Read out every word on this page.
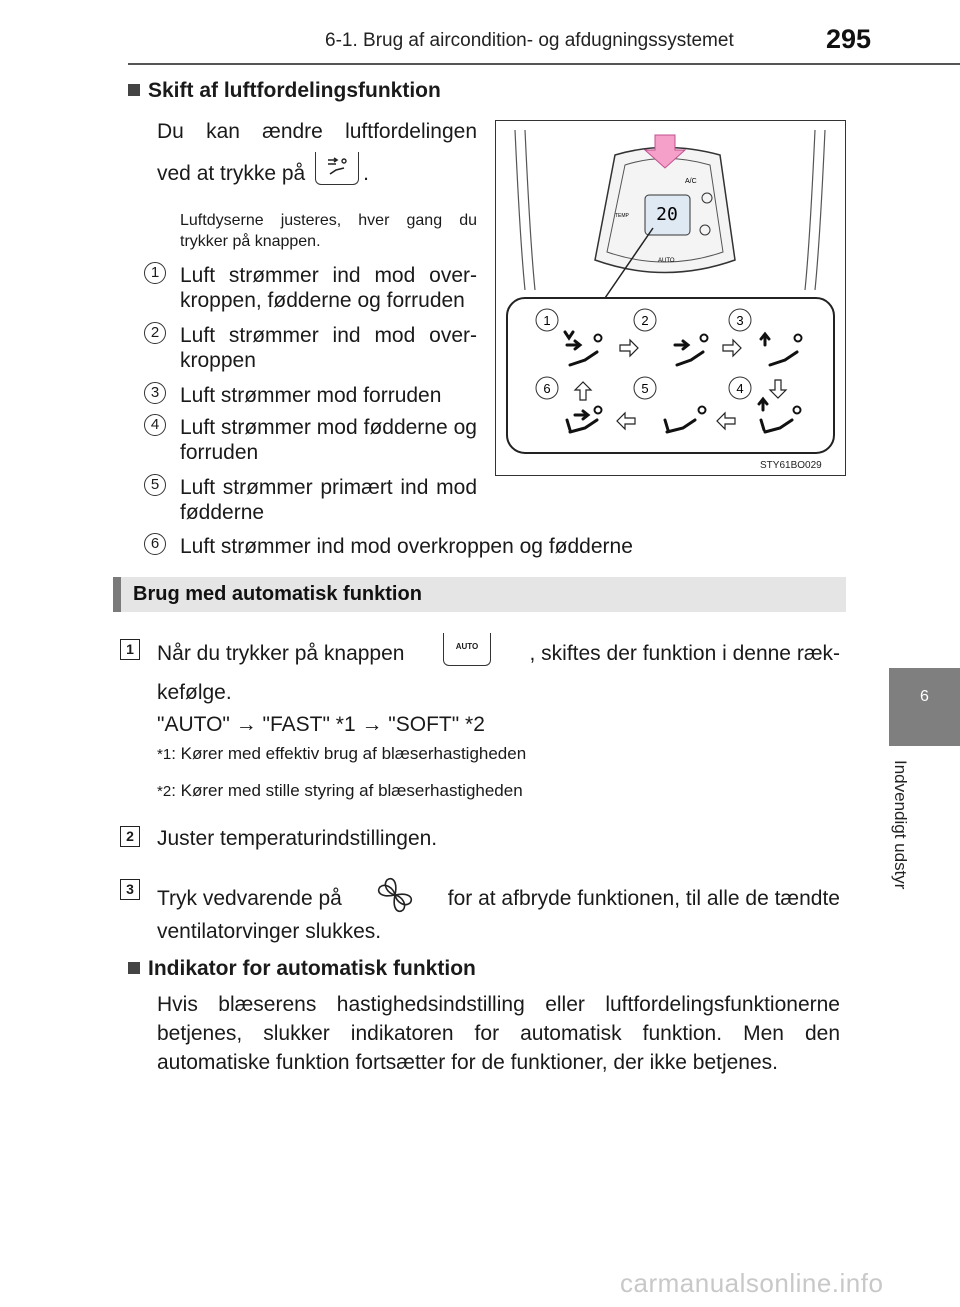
6-1. Brug af aircondition- og afdugningssystemet	295
6
Indvendigt udstyr
Skift af luftfordelingsfunktion
Du kan ændre luftfordelingen
ved at trykke på	.
Luftdyserne justeres, hver gang du trykker på knappen.
1 Luft strømmer ind mod over-kroppen, fødderne og forruden
2 Luft strømmer ind mod over-kroppen
3 Luft strømmer mod forruden
4 Luft strømmer mod fødderne og forruden
5 Luft strømmer primært ind mod fødderne
6 Luft strømmer ind mod overkroppen og fødderne
20
A/C
TEMP
AUTO
1	2	3
6	5	4
STY61BO029
Brug med automatisk funktion
1 Når du trykker på knappen	AUTO	, skiftes der funktion i denne ræk-
kefølge.
"AUTO" → "FAST" *1 → "SOFT" *2
*1: Kører med effektiv brug af blæserhastigheden
*2: Kører med stille styring af blæserhastigheden
2 Juster temperaturindstillingen.
3 Tryk vedvarende på	for at afbryde funktionen, til alle de tændte
ventilatorvinger slukkes.
Indikator for automatisk funktion
Hvis blæserens hastighedsindstilling eller luftfordelingsfunktionerne betjenes, slukker indikatoren for automatisk funktion. Men den automatiske funktion fortsætter for de funktioner, der ikke betjenes.
carmanualsonline.info
